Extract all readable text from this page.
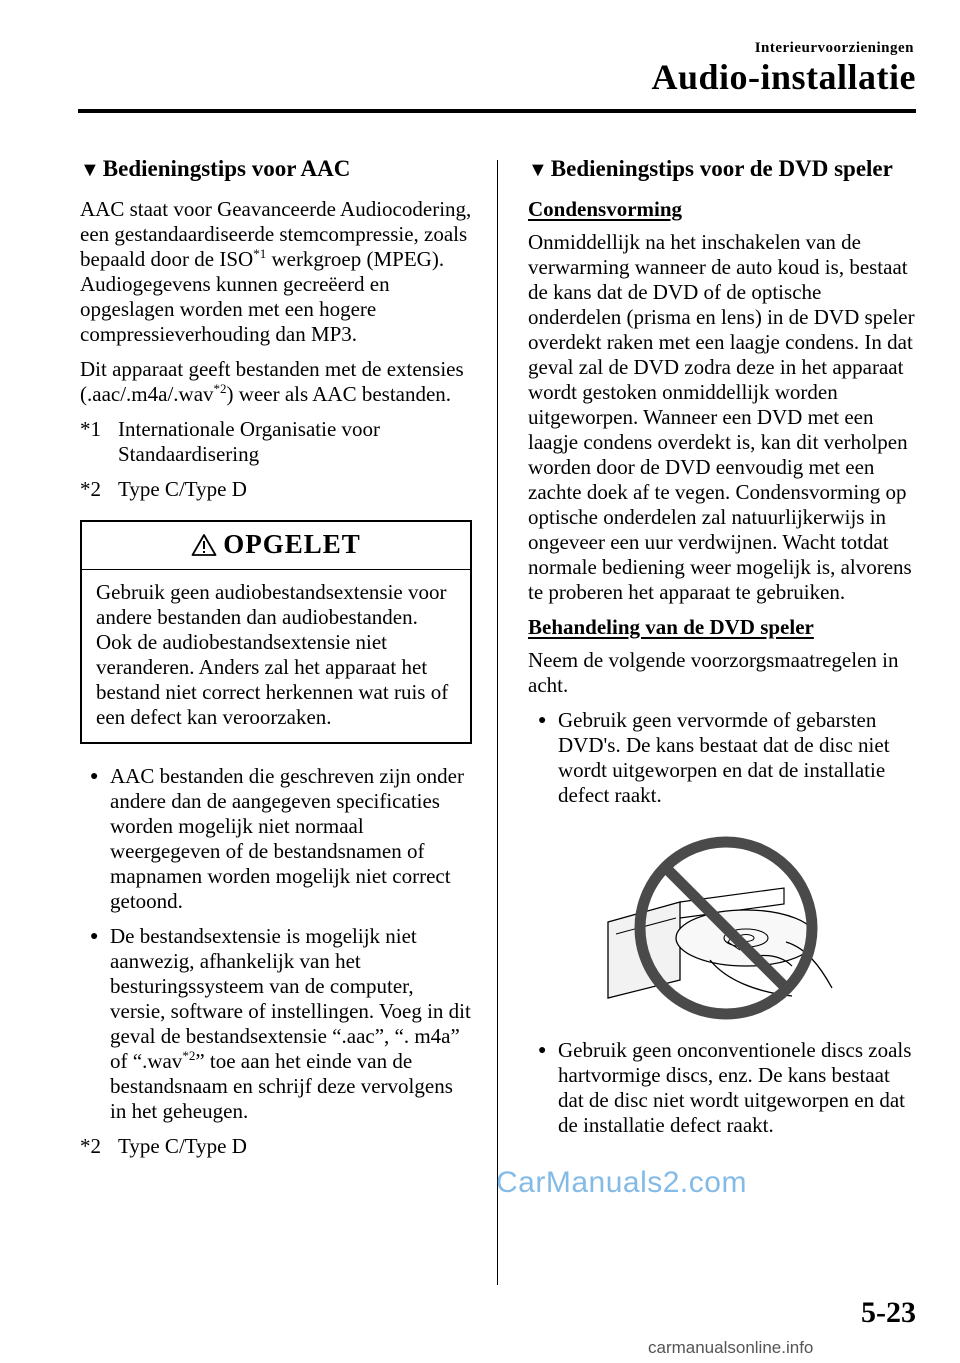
Interieurvoorzieningen
Audio-installatie
▼ Bedieningstips voor AAC

AAC staat voor Geavanceerde Audiocodering, een gestandaardiseerde stemcompressie, zoals bepaald door de ISO$^{*1}$ werkgroep (MPEG). Audiogegevens kunnen gecreëerd en opgeslagen worden met een hogere compressieverhouding dan MP3.

Dit apparaat geeft bestanden met de extensies (.aac/.m4a/.wav$^{*2}$) weer als AAC bestanden.

*1 Internationale Organisatie voor Standaardisering
*2 Type C/Type D
OPGELET
Gebruik geen audiobestandsextensie voor andere bestanden dan audiobestanden. Ook de audiobestandsextensie niet veranderen. Anders zal het apparaat het bestand niet correct herkennen wat ruis of een defect kan veroorzaken.
● AAC bestanden die geschreven zijn onder andere dan de aangegeven specificaties worden mogelijk niet normaal weergegeven of de bestandsnamen of mapnamen worden mogelijk niet correct getoond.
● De bestandsextensie is mogelijk niet aanwezig, afhankelijk van het besturingssysteem van de computer, versie, software of instellingen. Voeg in dit geval de bestandsextensie “.aac”, “. m4a” of “.wav$^{*2}$” toe aan het einde van de bestandsnaam en schrijf deze vervolgens in het geheugen.
*2 Type C/Type D
▼ Bedieningstips voor de DVD speler
Condensvorming

Onmiddellijk na het inschakelen van de verwarming wanneer de auto koud is, bestaat de kans dat de DVD of de optische onderdelen (prisma en lens) in de DVD speler overdekt raken met een laagje condens. In dat geval zal de DVD zodra deze in het apparaat wordt gestoken onmiddellijk worden uitgeworpen. Wanneer een DVD met een laagje condens overdekt is, kan dit verholpen worden door de DVD eenvoudig met een zachte doek af te vegen. Condensvorming op optische onderdelen zal natuurlijkerwijs in ongeveer een uur verdwijnen. Wacht totdat normale bediening weer mogelijk is, alvorens te proberen het apparaat te gebruiken.

Behandeling van de DVD speler

Neem de volgende voorzorgsmaatregelen in acht.

● Gebruik geen vervormde of gebarsten DVD's. De kans bestaat dat de disc niet wordt uitgeworpen en dat de installatie defect raakt.
● Gebruik geen onconventionele discs zoals hartvormige discs, enz. De kans bestaat dat de disc niet wordt uitgeworpen en dat de installatie defect raakt.
CarManuals2.com
5-23
carmanualsonline.info
